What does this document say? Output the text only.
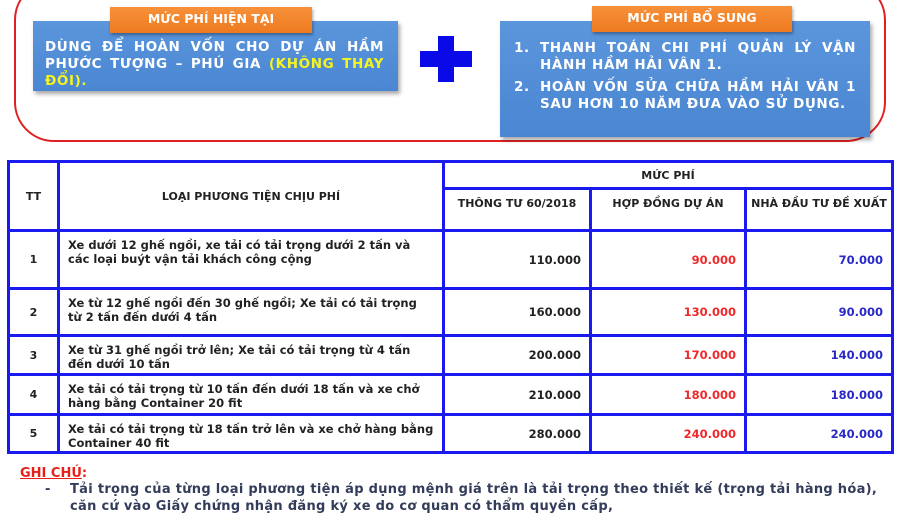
DÙNG ĐỂ HOÀN VỐN CHO DỰ ÁN HẦM PHƯỚC TƯỢNG – PHÚ GIA (KHÔNG THAY ĐỔI).
MỨC PHÍ HIỆN TẠI
1. THANH TOÁN CHI PHÍ QUẢN LÝ VẬN HÀNH HẦM HẢI VÂN 1.
2. HOÀN VỐN SỬA CHỮA HẦM HẢI VÂN 1 SAU HƠN 10 NĂM ĐƯA VÀO SỬ DỤNG.
MỨC PHÍ BỔ SUNG
TT	LOẠI PHƯƠNG TIỆN CHỊU PHÍ	MỨC PHÍ		
		THÔNG TƯ 60/2018	HỢP ĐỒNG DỰ ÁN	NHÀ ĐẦU TƯ ĐỀ XUẤT
1	Xe dưới 12 ghế ngồi, xe tải có tải trọng dưới 2 tấn và các loại buýt vận tải khách công cộng	110.000	90.000	70.000
2	Xe từ 12 ghế ngồi đến 30 ghế ngồi; Xe tải có tải trọng từ 2 tấn đến dưới 4 tấn	160.000	130.000	90.000
3	Xe từ 31 ghế ngồi trở lên; Xe tải có tải trọng từ 4 tấn đến dưới 10 tấn	200.000	170.000	140.000
4	Xe tải có tải trọng từ 10 tấn đến dưới 18 tấn và xe chở hàng bằng Container 20 fit	210.000	180.000	180.000
5	Xe tải có tải trọng từ 18 tấn trở lên và xe chở hàng bằng Container 40 fit	280.000	240.000	240.000
GHI CHÚ:
-	Tải trọng của từng loại phương tiện áp dụng mệnh giá trên là tải trọng theo thiết kế (trọng tải hàng hóa), căn cứ vào Giấy chứng nhận đăng ký xe do cơ quan có thẩm quyền cấp,
